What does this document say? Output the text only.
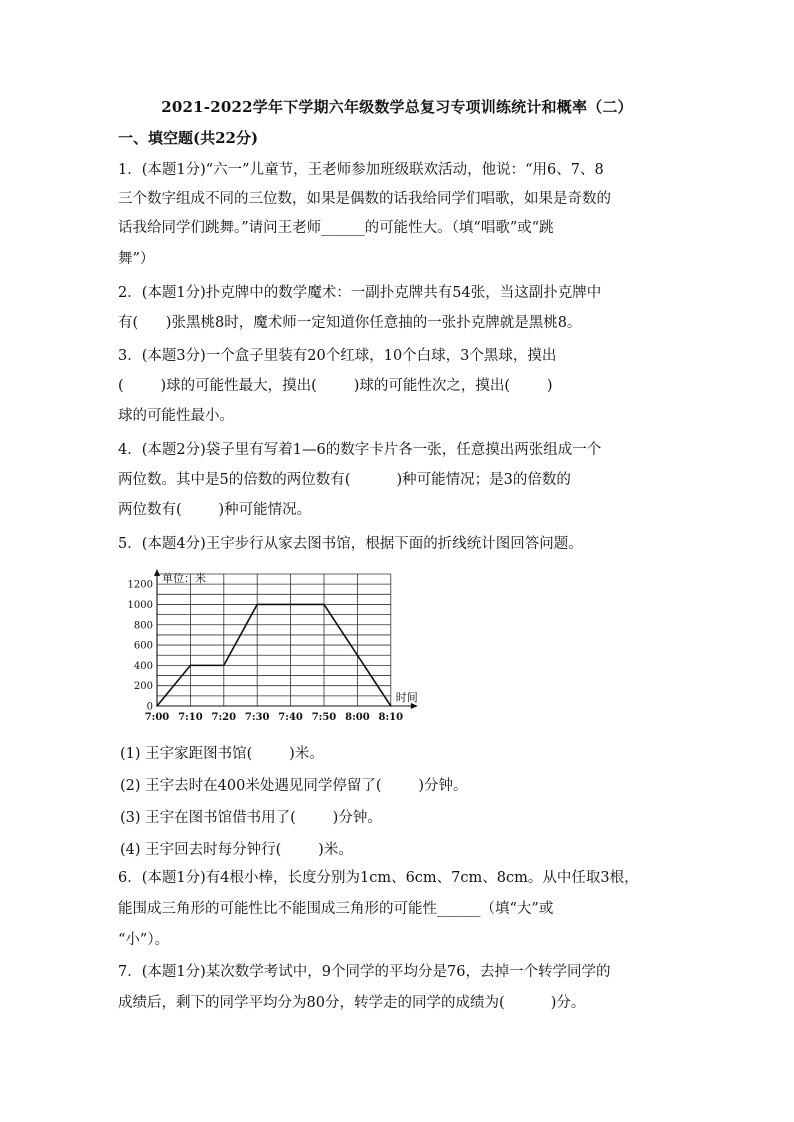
2021-2022学年下学期六年级数学总复习专项训练统计和概率（二）
一、填空题(共22分)
1．(本题1分)“六一”儿童节，王老师参加班级联欢活动，他说：“用6、7、8
三个数字组成不同的三位数，如果是偶数的话我给同学们唱歌，如果是奇数的
话我给同学们跳舞。”请问王老师______的可能性大。（填“唱歌”或“跳
舞”）
2．(本题1分)扑克牌中的数学魔术：一副扑克牌共有54张，当这副扑克牌中
有(      )张黑桃8时，魔术师一定知道你任意抽的一张扑克牌就是黑桃8。
3．(本题3分)一个盒子里装有20个红球，10个白球，3个黑球，摸出
(        )球的可能性最大，摸出(        )球的可能性次之，摸出(        )
球的可能性最小。
4．(本题2分)袋子里有写着1—6的数字卡片各一张，任意摸出两张组成一个
两位数。其中是5的倍数的两位数有(          )种可能情况；是3的倍数的
两位数有(        )种可能情况。
5．(本题4分)王宇步行从家去图书馆，根据下面的折线统计图回答问题。
0
200
400
600
800
1000
1200
7:00 7:10 7:20 7:30 7:40 7:50 8:00 8:10
单位：米
时间
(1) 王宇家距图书馆(        )米。
(2) 王宇去时在400米处遇见同学停留了(        )分钟。
(3) 王宇在图书馆借书用了(        )分钟。
(4) 王宇回去时每分钟行(        )米。
6．(本题1分)有4根小棒，长度分别为1cm、6cm、7cm、8cm。从中任取3根，
能围成三角形的可能性比不能围成三角形的可能性______（填“大”或
“小”）。
7．(本题1分)某次数学考试中，9个同学的平均分是76，去掉一个转学同学的
成绩后，剩下的同学平均分为80分，转学走的同学的成绩为(          )分。
